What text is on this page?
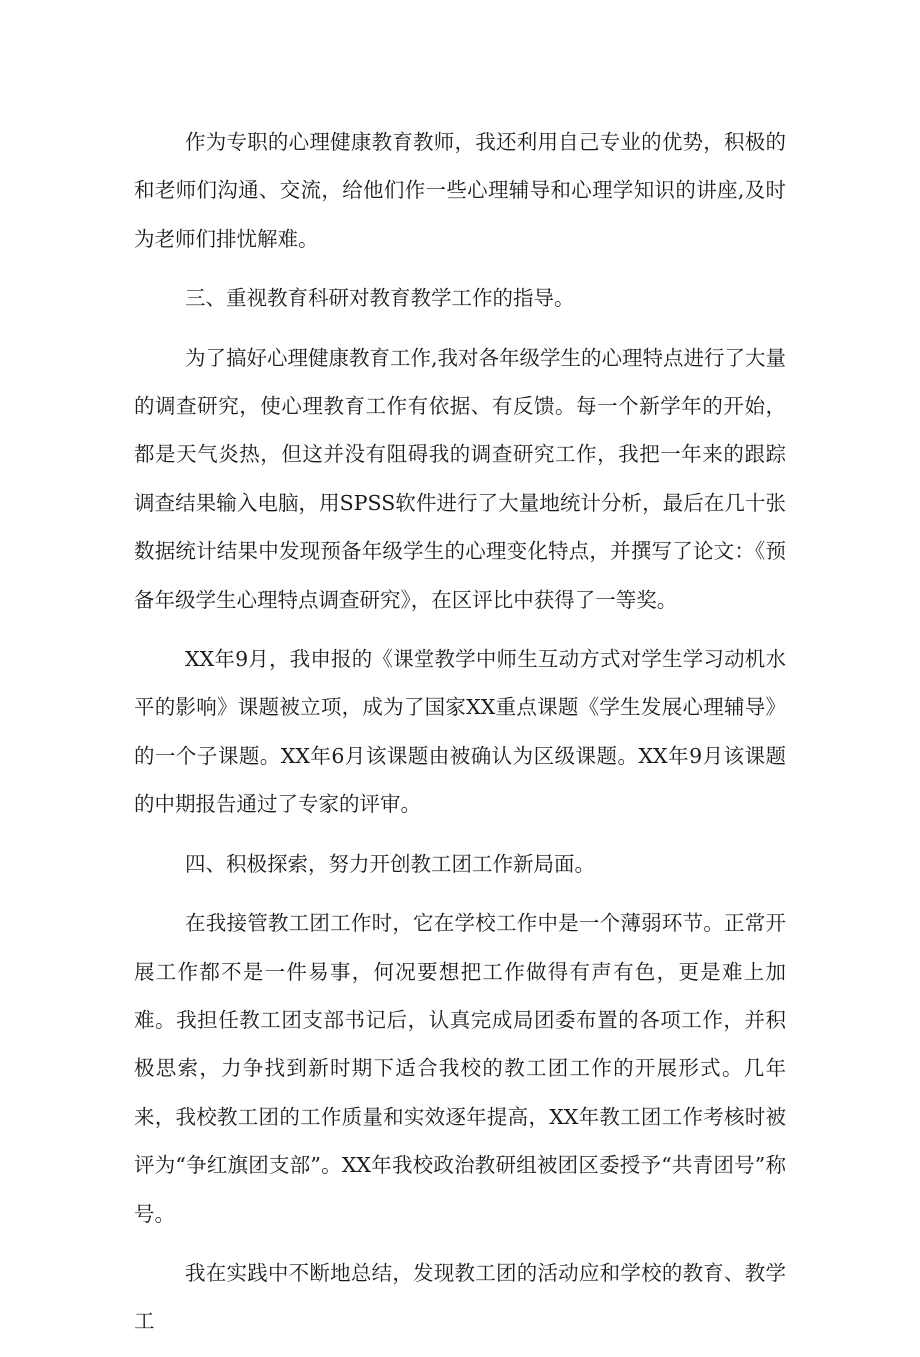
作为专职的心理健康教育教师，我还利用自己专业的优势，积极的和老师们沟通、交流，给他们作一些心理辅导和心理学知识的讲座,及时为老师们排忧解难。

三、重视教育科研对教育教学工作的指导。

为了搞好心理健康教育工作,我对各年级学生的心理特点进行了大量的调查研究，使心理教育工作有依据、有反馈。每一个新学年的开始，都是天气炎热，但这并没有阻碍我的调查研究工作，我把一年来的跟踪调查结果输入电脑，用SPSS软件进行了大量地统计分析，最后在几十张数据统计结果中发现预备年级学生的心理变化特点，并撰写了论文：《预备年级学生心理特点调查研究》，在区评比中获得了一等奖。

XX年9月，我申报的《课堂教学中师生互动方式对学生学习动机水平的影响》课题被立项，成为了国家XX重点课题《学生发展心理辅导》的一个子课题。XX年6月该课题由被确认为区级课题。XX年9月该课题的中期报告通过了专家的评审。

四、积极探索，努力开创教工团工作新局面。

在我接管教工团工作时，它在学校工作中是一个薄弱环节。正常开展工作都不是一件易事，何况要想把工作做得有声有色，更是难上加难。我担任教工团支部书记后，认真完成局团委布置的各项工作，并积极思索，力争找到新时期下适合我校的教工团工作的开展形式。几年来，我校教工团的工作质量和实效逐年提高，XX年教工团工作考核时被评为“争红旗团支部”。XX年我校政治教研组被团区委授予“共青团号”称号。

我在实践中不断地总结，发现教工团的活动应和学校的教育、教学工
